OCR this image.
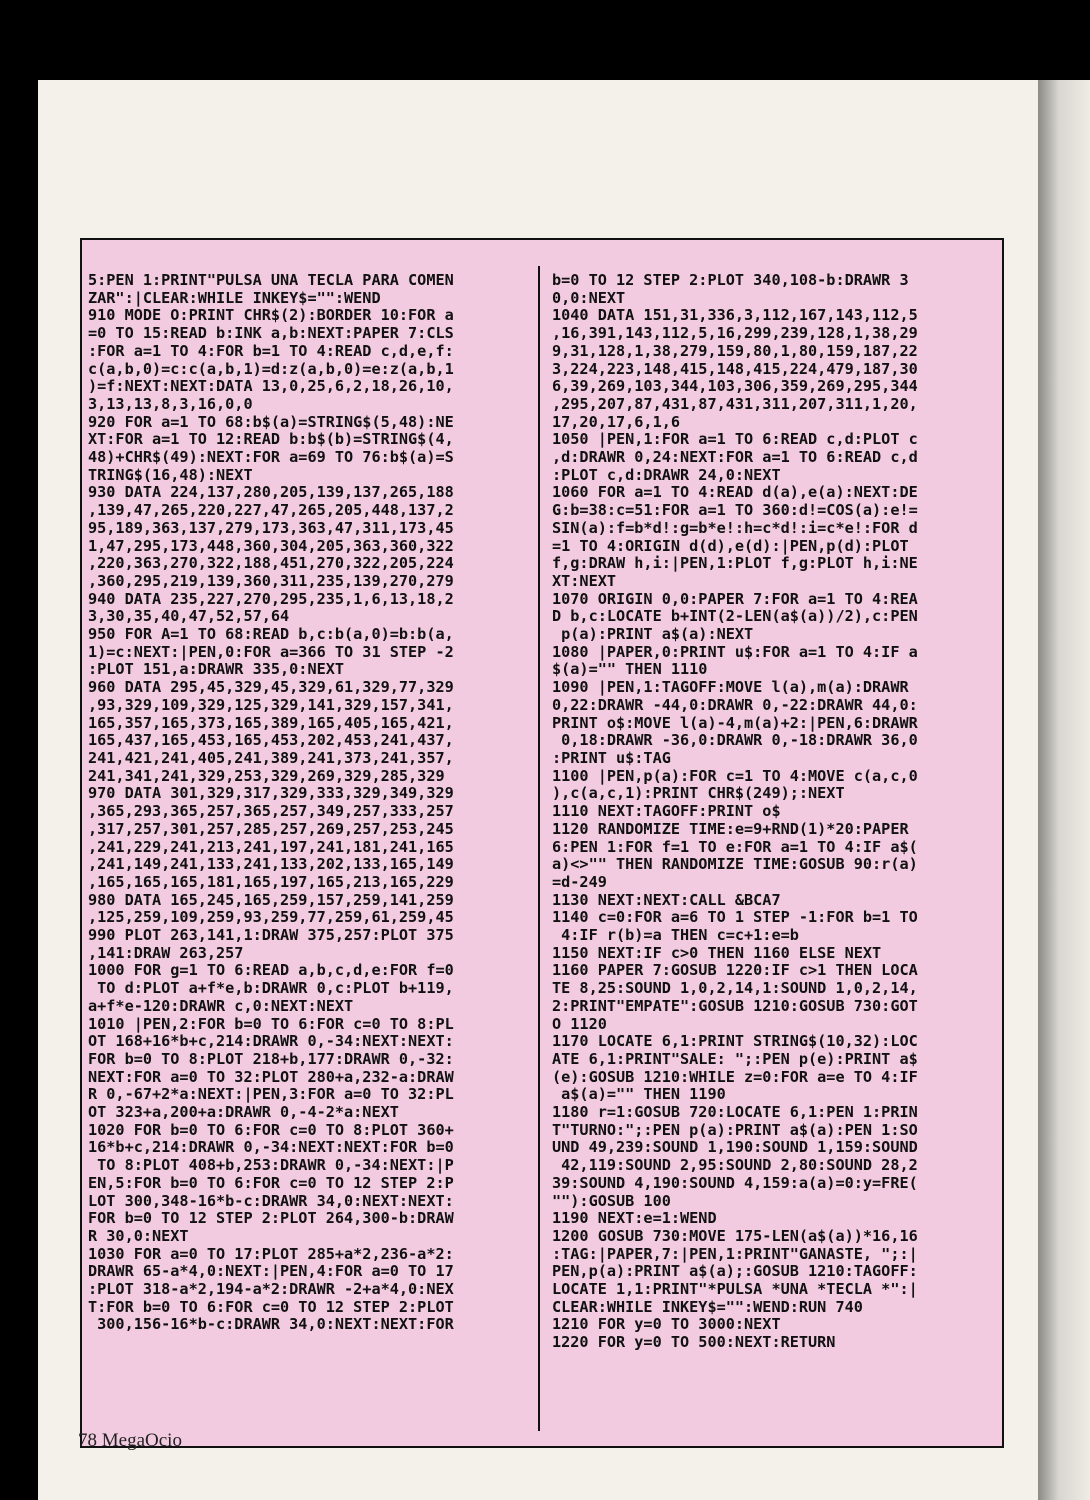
5:PEN 1:PRINT"PULSA UNA TECLA PARA COMEN
ZAR":|CLEAR:WHILE INKEY$="":WEND
910 MODE O:PRINT CHR$(2):BORDER 10:FOR a
=0 TO 15:READ b:INK a,b:NEXT:PAPER 7:CLS
:FOR a=1 TO 4:FOR b=1 TO 4:READ c,d,e,f:
c(a,b,0)=c:c(a,b,1)=d:z(a,b,0)=e:z(a,b,1
)=f:NEXT:NEXT:DATA 13,0,25,6,2,18,26,10,
3,13,13,8,3,16,0,0
920 FOR a=1 TO 68:b$(a)=STRING$(5,48):NE
XT:FOR a=1 TO 12:READ b:b$(b)=STRING$(4,
48)+CHR$(49):NEXT:FOR a=69 TO 76:b$(a)=S
TRING$(16,48):NEXT
930 DATA 224,137,280,205,139,137,265,188
,139,47,265,220,227,47,265,205,448,137,2
95,189,363,137,279,173,363,47,311,173,45
1,47,295,173,448,360,304,205,363,360,322
,220,363,270,322,188,451,270,322,205,224
,360,295,219,139,360,311,235,139,270,279
940 DATA 235,227,270,295,235,1,6,13,18,2
3,30,35,40,47,52,57,64
950 FOR A=1 TO 68:READ b,c:b(a,0)=b:b(a,
1)=c:NEXT:|PEN,0:FOR a=366 TO 31 STEP -2
:PLOT 151,a:DRAWR 335,0:NEXT
960 DATA 295,45,329,45,329,61,329,77,329
,93,329,109,329,125,329,141,329,157,341,
165,357,165,373,165,389,165,405,165,421,
165,437,165,453,165,453,202,453,241,437,
241,421,241,405,241,389,241,373,241,357,
241,341,241,329,253,329,269,329,285,329
970 DATA 301,329,317,329,333,329,349,329
,365,293,365,257,365,257,349,257,333,257
,317,257,301,257,285,257,269,257,253,245
,241,229,241,213,241,197,241,181,241,165
,241,149,241,133,241,133,202,133,165,149
,165,165,165,181,165,197,165,213,165,229
980 DATA 165,245,165,259,157,259,141,259
,125,259,109,259,93,259,77,259,61,259,45
990 PLOT 263,141,1:DRAW 375,257:PLOT 375
,141:DRAW 263,257
1000 FOR g=1 TO 6:READ a,b,c,d,e:FOR f=0
TO d:PLOT a+f*e,b:DRAWR 0,c:PLOT b+119,
a+f*e-120:DRAWR c,0:NEXT:NEXT
1010 |PEN,2:FOR b=0 TO 6:FOR c=0 TO 8:PL
OT 168+16*b+c,214:DRAWR 0,-34:NEXT:NEXT:
FOR b=0 TO 8:PLOT 218+b,177:DRAWR 0,-32:
NEXT:FOR a=0 TO 32:PLOT 280+a,232-a:DRAW
R 0,-67+2*a:NEXT:|PEN,3:FOR a=0 TO 32:PL
OT 323+a,200+a:DRAWR 0,-4-2*a:NEXT
1020 FOR b=0 TO 6:FOR c=0 TO 8:PLOT 360+
16*b+c,214:DRAWR 0,-34:NEXT:NEXT:FOR b=0
TO 8:PLOT 408+b,253:DRAWR 0,-34:NEXT:|P
EN,5:FOR b=0 TO 6:FOR c=0 TO 12 STEP 2:P
LOT 300,348-16*b-c:DRAWR 34,0:NEXT:NEXT:
FOR b=0 TO 12 STEP 2:PLOT 264,300-b:DRAW
R 30,0:NEXT
1030 FOR a=0 TO 17:PLOT 285+a*2,236-a*2:
DRAWR 65-a*4,0:NEXT:|PEN,4:FOR a=0 TO 17
:PLOT 318-a*2,194-a*2:DRAWR -2+a*4,0:NEX
T:FOR b=0 TO 6:FOR c=0 TO 12 STEP 2:PLOT
300,156-16*b-c:DRAWR 34,0:NEXT:NEXT:FOR
b=0 TO 12 STEP 2:PLOT 340,108-b:DRAWR 3
0,0:NEXT
1040 DATA 151,31,336,3,112,167,143,112,5
,16,391,143,112,5,16,299,239,128,1,38,29
9,31,128,1,38,279,159,80,1,80,159,187,22
3,224,223,148,415,148,415,224,479,187,30
6,39,269,103,344,103,306,359,269,295,344
,295,207,87,431,87,431,311,207,311,1,20,
17,20,17,6,1,6
1050 |PEN,1:FOR a=1 TO 6:READ c,d:PLOT c
,d:DRAWR 0,24:NEXT:FOR a=1 TO 6:READ c,d
:PLOT c,d:DRAWR 24,0:NEXT
1060 FOR a=1 TO 4:READ d(a),e(a):NEXT:DE
G:b=38:c=51:FOR a=1 TO 360:d!=COS(a):e!=
SIN(a):f=b*d!:g=b*e!:h=c*d!:i=c*e!:FOR d
=1 TO 4:ORIGIN d(d),e(d):|PEN,p(d):PLOT
f,g:DRAW h,i:|PEN,1:PLOT f,g:PLOT h,i:NE
XT:NEXT
1070 ORIGIN 0,0:PAPER 7:FOR a=1 TO 4:REA
D b,c:LOCATE b+INT(2-LEN(a$(a))/2),c:PEN
p(a):PRINT a$(a):NEXT
1080 |PAPER,0:PRINT u$:FOR a=1 TO 4:IF a
$(a)="" THEN 1110
1090 |PEN,1:TAGOFF:MOVE l(a),m(a):DRAWR
0,22:DRAWR -44,0:DRAWR 0,-22:DRAWR 44,0:
PRINT o$:MOVE l(a)-4,m(a)+2:|PEN,6:DRAWR
0,18:DRAWR -36,0:DRAWR 0,-18:DRAWR 36,0
:PRINT u$:TAG
1100 |PEN,p(a):FOR c=1 TO 4:MOVE c(a,c,0
),c(a,c,1):PRINT CHR$(249);:NEXT
1110 NEXT:TAGOFF:PRINT o$
1120 RANDOMIZE TIME:e=9+RND(1)*20:PAPER
6:PEN 1:FOR f=1 TO e:FOR a=1 TO 4:IF a$(
a)<>"" THEN RANDOMIZE TIME:GOSUB 90:r(a)
=d-249
1130 NEXT:NEXT:CALL &BCA7
1140 c=0:FOR a=6 TO 1 STEP -1:FOR b=1 TO
4:IF r(b)=a THEN c=c+1:e=b
1150 NEXT:IF c>0 THEN 1160 ELSE NEXT
1160 PAPER 7:GOSUB 1220:IF c>1 THEN LOCA
TE 8,25:SOUND 1,0,2,14,1:SOUND 1,0,2,14,
2:PRINT"EMPATE":GOSUB 1210:GOSUB 730:GOT
O 1120
1170 LOCATE 6,1:PRINT STRING$(10,32):LOC
ATE 6,1:PRINT"SALE: ";:PEN p(e):PRINT a$
(e):GOSUB 1210:WHILE z=0:FOR a=e TO 4:IF
a$(a)="" THEN 1190
1180 r=1:GOSUB 720:LOCATE 6,1:PEN 1:PRIN
T"TURNO:";:PEN p(a):PRINT a$(a):PEN 1:SO
UND 49,239:SOUND 1,190:SOUND 1,159:SOUND
42,119:SOUND 2,95:SOUND 2,80:SOUND 28,2
39:SOUND 4,190:SOUND 4,159:a(a)=0:y=FRE(
""):GOSUB 100
1190 NEXT:e=1:WEND
1200 GOSUB 730:MOVE 175-LEN(a$(a))*16,16
:TAG:|PAPER,7:|PEN,1:PRINT"GANASTE, ";:|
PEN,p(a):PRINT a$(a);:GOSUB 1210:TAGOFF:
LOCATE 1,1:PRINT"*PULSA *UNA *TECLA *":|
CLEAR:WHILE INKEY$="":WEND:RUN 740
1210 FOR y=0 TO 3000:NEXT
1220 FOR y=0 TO 500:NEXT:RETURN
78 MegaOcio
